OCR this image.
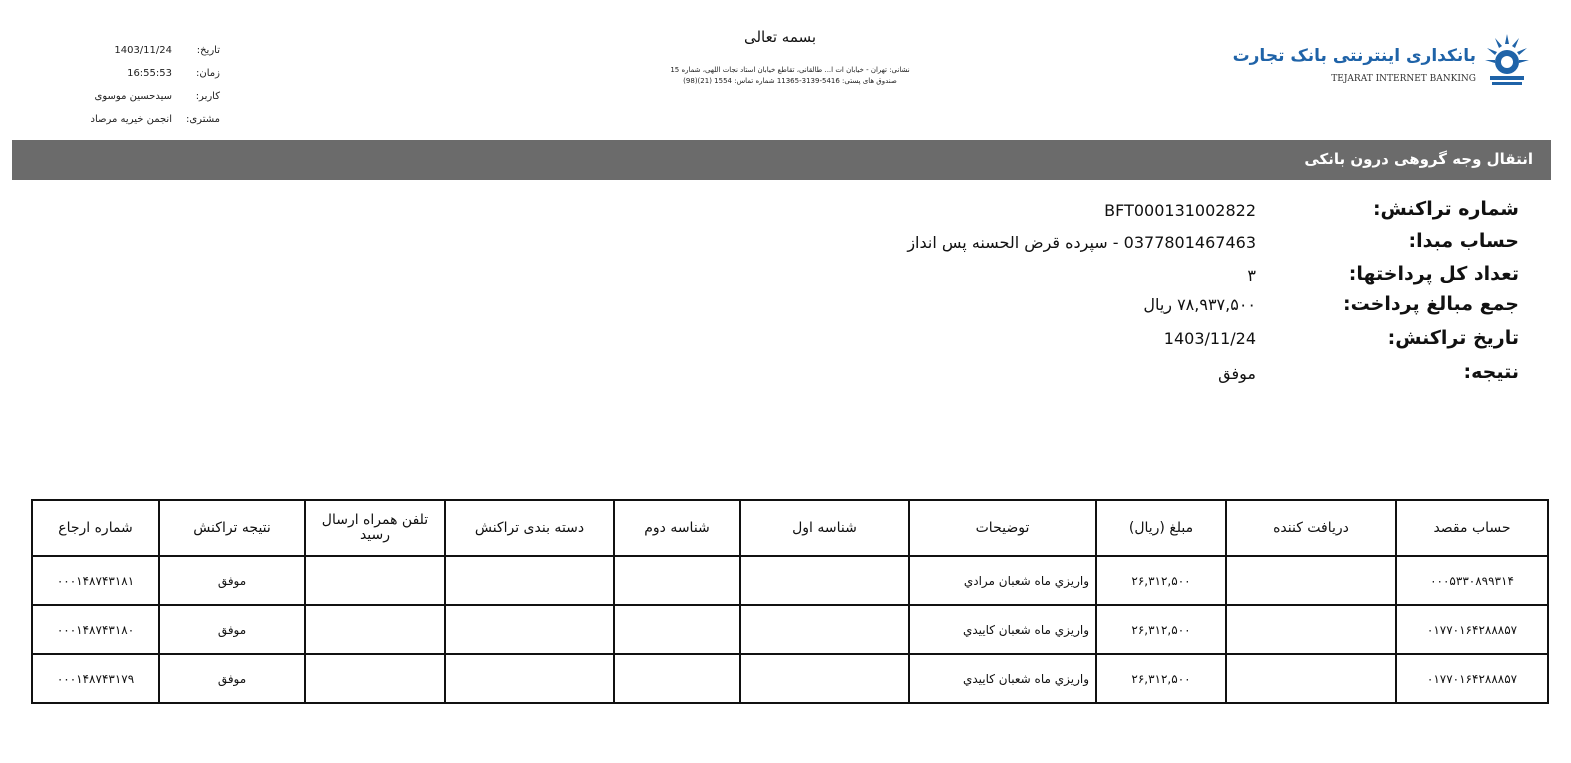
تاریخ:
1403/11/24
زمان:
16:55:53
کاربر:
سید‌حسین موسوی
مشتری:
انجمن خیریه مرصاد
بسمه تعالی
نشانی: تهران - خیابان ات ا... طالقانی، تقاطع خیابان استاد نجات اللهی، شماره 15
صندوق های پستی: 5416-3139-11365 شماره تماس: 1554 (21)(98)
بانکداری اینترنتی بانک تجارت
TEJARAT INTERNET BANKING
انتقال وجه گروهی درون بانکی
شماره تراکنش:
BFT000131002822
حساب مبدا:
0377801467463 - سپرده قرض الحسنه پس انداز
تعداد کل پرداختها:
۳
جمع مبالغ پرداخت:
۷۸,۹۳۷,۵۰۰ ریال
تاریخ تراکنش:
1403/11/24
نتیجه:
موفق
حساب مقصد	دریافت کننده	مبلغ (ریال)	توضیحات	شناسه اول	شناسه دوم	دسته بندی تراکنش	تلفن همراه ارسال رسید	نتیجه تراکنش	شماره ارجاع
۰۰۰۵۳۳۰۸۹۹۳۱۴		۲۶,۳۱۲,۵۰۰	واریزي ماه شعبان مرادي					موفق	۰۰۰۱۴۸۷۴۳۱۸۱
۰۱۷۷۰۱۶۴۲۸۸۸۵۷		۲۶,۳۱۲,۵۰۰	واریزي ماه شعبان کاییدي					موفق	۰۰۰۱۴۸۷۴۳۱۸۰
۰۱۷۷۰۱۶۴۲۸۸۸۵۷		۲۶,۳۱۲,۵۰۰	واریزي ماه شعبان کاییدي					موفق	۰۰۰۱۴۸۷۴۳۱۷۹
